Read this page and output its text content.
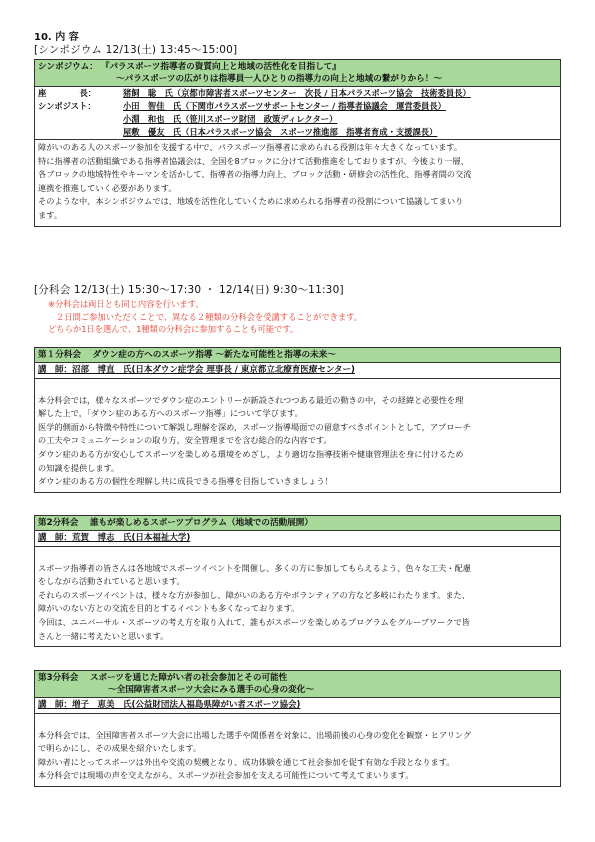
10. 内 容
[シンポジウム 12/13(土) 13:45～15:00]
シンポジウム： 『パラスポーツ指導者の資質向上と地域の活性化を目指して』
～パラスポーツの広がりは指導員一人ひとりの指導力の向上と地域の繋がりから！～
座　　　　長：	猪飼　聡　氏（京都市障害者スポーツセンター　次長 / 日本パラスポーツ協会　技術委員長）
シンポジスト：	小田　智佳　氏（下関市パラスポーツサポートセンター / 指導者協議会　運営委員長）
小淵　和也　氏（笹川スポーツ財団　政策ディレクター）
屋敷　優友　氏（日本パラスポーツ協会　スポーツ推進部　指導者育成・支援課長）

障がいのある人のスポーツ参加を支援する中で、パラスポーツ指導者に求められる役割は年々大きくなっています。

特に指導者の活動組織である指導者協議会は、全国を8ブロックに分けて活動推進をしておりますが、今後より一層、

各ブロックの地域特性やキーマンを活かして、指導者の指導力向上、ブロック活動・研修会の活性化、指導者間の交流

連携を推進していく必要があります。

そのような中、本シンポジウムでは、地域を活性化していくために求められる指導者の役割について協議してまいり

ます。

[分科会 12/13(土) 15:30～17:30 ・ 12/14(日) 9:30～11:30]
※分科会は両日とも同じ内容を行います。
２日間ご参加いただくことで、異なる２種類の分科会を受講することができます。
どちらか1日を選んで、1種類の分科会に参加することも可能です。
第１分科会　 ダウン症の方へのスポーツ指導 ～新たな可能性と指導の未来～
講　師：沼部　博直　氏(日本ダウン症学会 理事長 / 東京都立北療育医療センター)

本分科会では，様々なスポーツでダウン症のエントリーが新設されつつある最近の動きの中，その経緯と必要性を理

解した上で，「ダウン症のある方へのスポーツ指導」について学びます。

医学的側面から特徴や特性について解説し理解を深め，スポーツ指導場面での留意すべきポイントとして，アプローチ

の工夫やコミュニケーションの取り方，安全管理までを含む総合的な内容です。

ダウン症のある方が安心してスポーツを楽しめる環境をめざし，より適切な指導技術や健康管理法を身に付けるため

の知識を提供します。

ダウン症のある方の個性を理解し共に成長できる指導を目指していきましょう！

第2分科会　 誰もが楽しめるスポーツプログラム（地域での活動展開）
講　師：荒賀　博志　氏(日本福祉大学)

スポーツ指導者の皆さんは各地域でスポーツイベントを開催し、多くの方に参加してもらえるよう、色々な工夫・配慮

をしながら活動されていると思います。

それらのスポーツイベントは、様々な方が参加し、障がいのある方やボランティアの方など多岐にわたります。また、

障がいのない方との交流を目的とするイベントも多くなっております。

今回は、ユニバーサル・スポーツの考え方を取り入れて、誰もがスポーツを楽しめるプログラムをグループワークで皆

さんと一緒に考えたいと思います。

第3分科会　 スポーツを通じた障がい者の社会参加とその可能性
～全国障害者スポーツ大会にみる選手の心身の変化～
講　師：増子　恵美　氏(公益財団法人福島県障がい者スポーツ協会)

本分科会では、全国障害者スポーツ大会に出場した選手や関係者を対象に、出場前後の心身の変化を観察・ヒアリング

で明らかにし、その成果を紹介いたします。

障がい者にとってスポーツは外出や交流の契機となり、成功体験を通じて社会参加を促す有効な手段となります。

本分科会では現場の声を交えながら、スポーツが社会参加を支える可能性について考えてまいります。
